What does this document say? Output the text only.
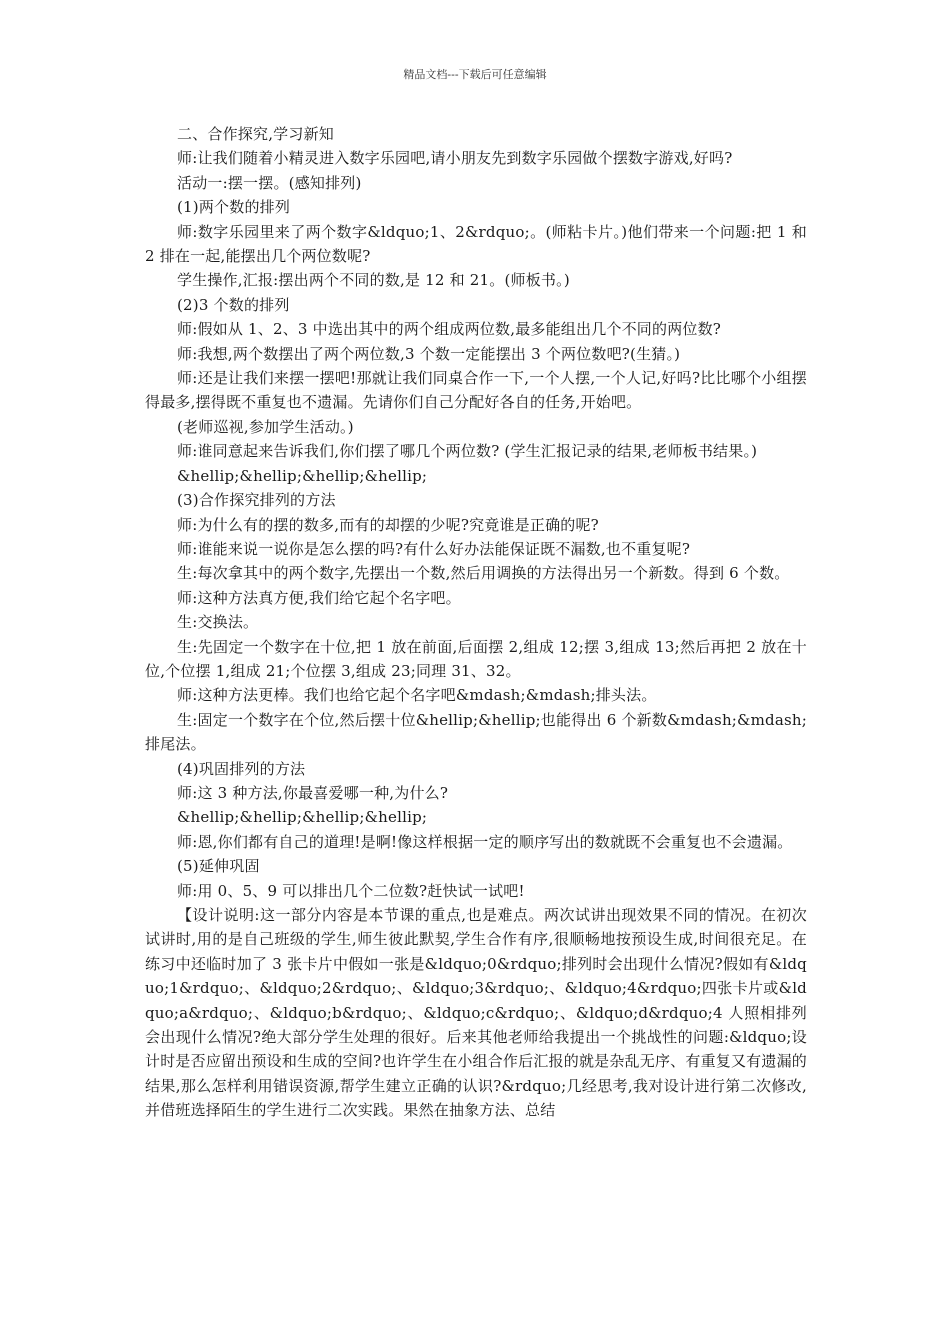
精品文档---下载后可任意编辑

二、合作探究,学习新知

师:让我们随着小精灵进入数字乐园吧,请小朋友先到数字乐园做个摆数字游戏,好吗?

活动一:摆一摆。(感知排列)

(1)两个数的排列

师:数字乐园里来了两个数字&ldquo;1、2&rdquo;。(师粘卡片。)他们带来一个问题:把 1 和 2 排在一起,能摆出几个两位数呢?

学生操作,汇报:摆出两个不同的数,是 12 和 21。(师板书。)

(2)3 个数的排列

师:假如从 1、2、3 中选出其中的两个组成两位数,最多能组出几个不同的两位数?

师:我想,两个数摆出了两个两位数,3 个数一定能摆出 3 个两位数吧?(生猜。)

师:还是让我们来摆一摆吧!那就让我们同桌合作一下,一个人摆,一个人记,好吗?比比哪个小组摆得最多,摆得既不重复也不遗漏。先请你们自己分配好各自的任务,开始吧。

(老师巡视,参加学生活动。)

师:谁同意起来告诉我们,你们摆了哪几个两位数? (学生汇报记录的结果,老师板书结果。)

&hellip;&hellip;&hellip;&hellip;

(3)合作探究排列的方法

师:为什么有的摆的数多,而有的却摆的少呢?究竟谁是正确的呢?

师:谁能来说一说你是怎么摆的吗?有什么好办法能保证既不漏数,也不重复呢?

生:每次拿其中的两个数字,先摆出一个数,然后用调换的方法得出另一个新数。得到 6 个数。

师:这种方法真方便,我们给它起个名字吧。

生:交换法。

生:先固定一个数字在十位,把 1 放在前面,后面摆 2,组成 12;摆 3,组成 13;然后再把 2 放在十位,个位摆 1,组成 21;个位摆 3,组成 23;同理 31、32。

师:这种方法更棒。我们也给它起个名字吧&mdash;&mdash;排头法。

生:固定一个数字在个位,然后摆十位&hellip;&hellip;也能得出 6 个新数&mdash;&mdash;排尾法。

(4)巩固排列的方法

师:这 3 种方法,你最喜爱哪一种,为什么?

&hellip;&hellip;&hellip;&hellip;

师:恩,你们都有自己的道理!是啊!像这样根据一定的顺序写出的数就既不会重复也不会遗漏。

(5)延伸巩固

师:用 0、5、9 可以排出几个二位数?赶快试一试吧!

【设计说明:这一部分内容是本节课的重点,也是难点。两次试讲出现效果不同的情况。在初次试讲时,用的是自己班级的学生,师生彼此默契,学生合作有序,很顺畅地按预设生成,时间很充足。在练习中还临时加了 3 张卡片中假如一张是&ldquo;0&rdquo;排列时会出现什么情况?假如有&ldquo;1&rdquo;、&ldquo;2&rdquo;、&ldquo;3&rdquo;、&ldquo;4&rdquo;四张卡片或&ldquo;a&rdquo;、&ldquo;b&rdquo;、&ldquo;c&rdquo;、&ldquo;d&rdquo;4 人照相排列会出现什么情况?绝大部分学生处理的很好。后来其他老师给我提出一个挑战性的问题:&ldquo;设计时是否应留出预设和生成的空间?也许学生在小组合作后汇报的就是杂乱无序、有重复又有遗漏的结果,那么怎样利用错误资源,帮学生建立正确的认识?&rdquo;几经思考,我对设计进行第二次修改,并借班选择陌生的学生进行二次实践。果然在抽象方法、总结
